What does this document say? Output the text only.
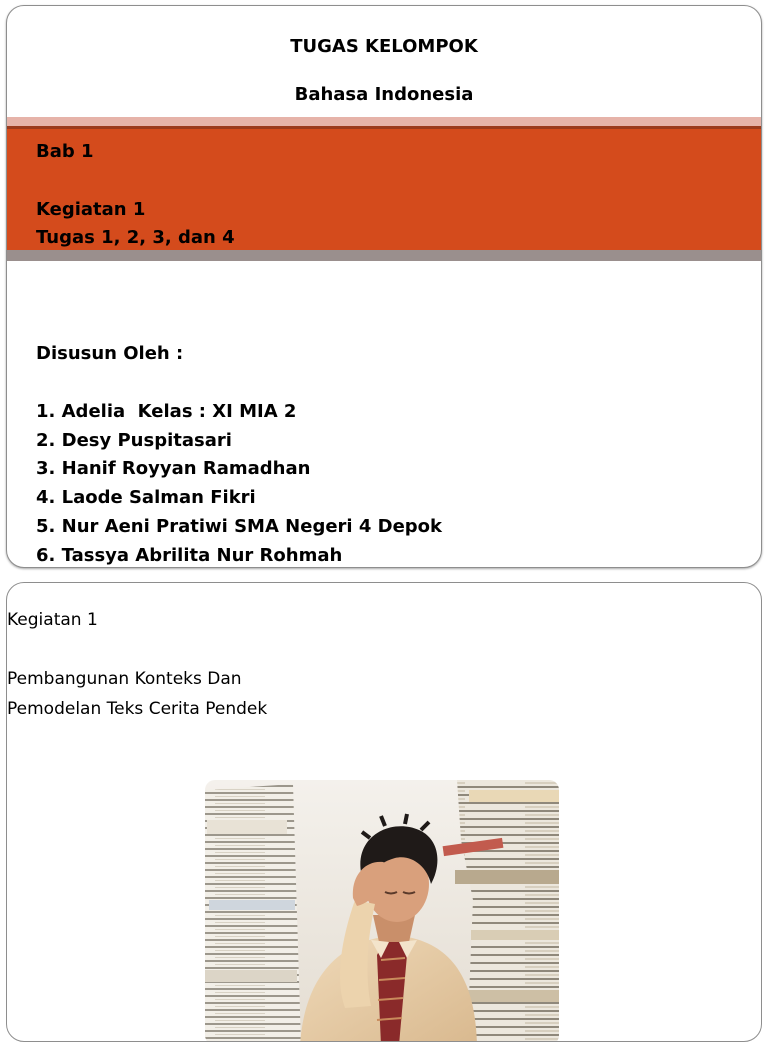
TUGAS KELOMPOK
Bahasa Indonesia
Bab 1
Kegiatan 1
Tugas 1, 2, 3, dan 4
Disusun Oleh :
1. Adelia  Kelas : XI MIA 2
2. Desy Puspitasari
3. Hanif Royyan Ramadhan
4. Laode Salman Fikri
5. Nur Aeni Pratiwi SMA Negeri 4 Depok
6. Tassya Abrilita Nur Rohmah
Kegiatan 1
Pembangunan Konteks Dan
Pemodelan Teks Cerita Pendek
